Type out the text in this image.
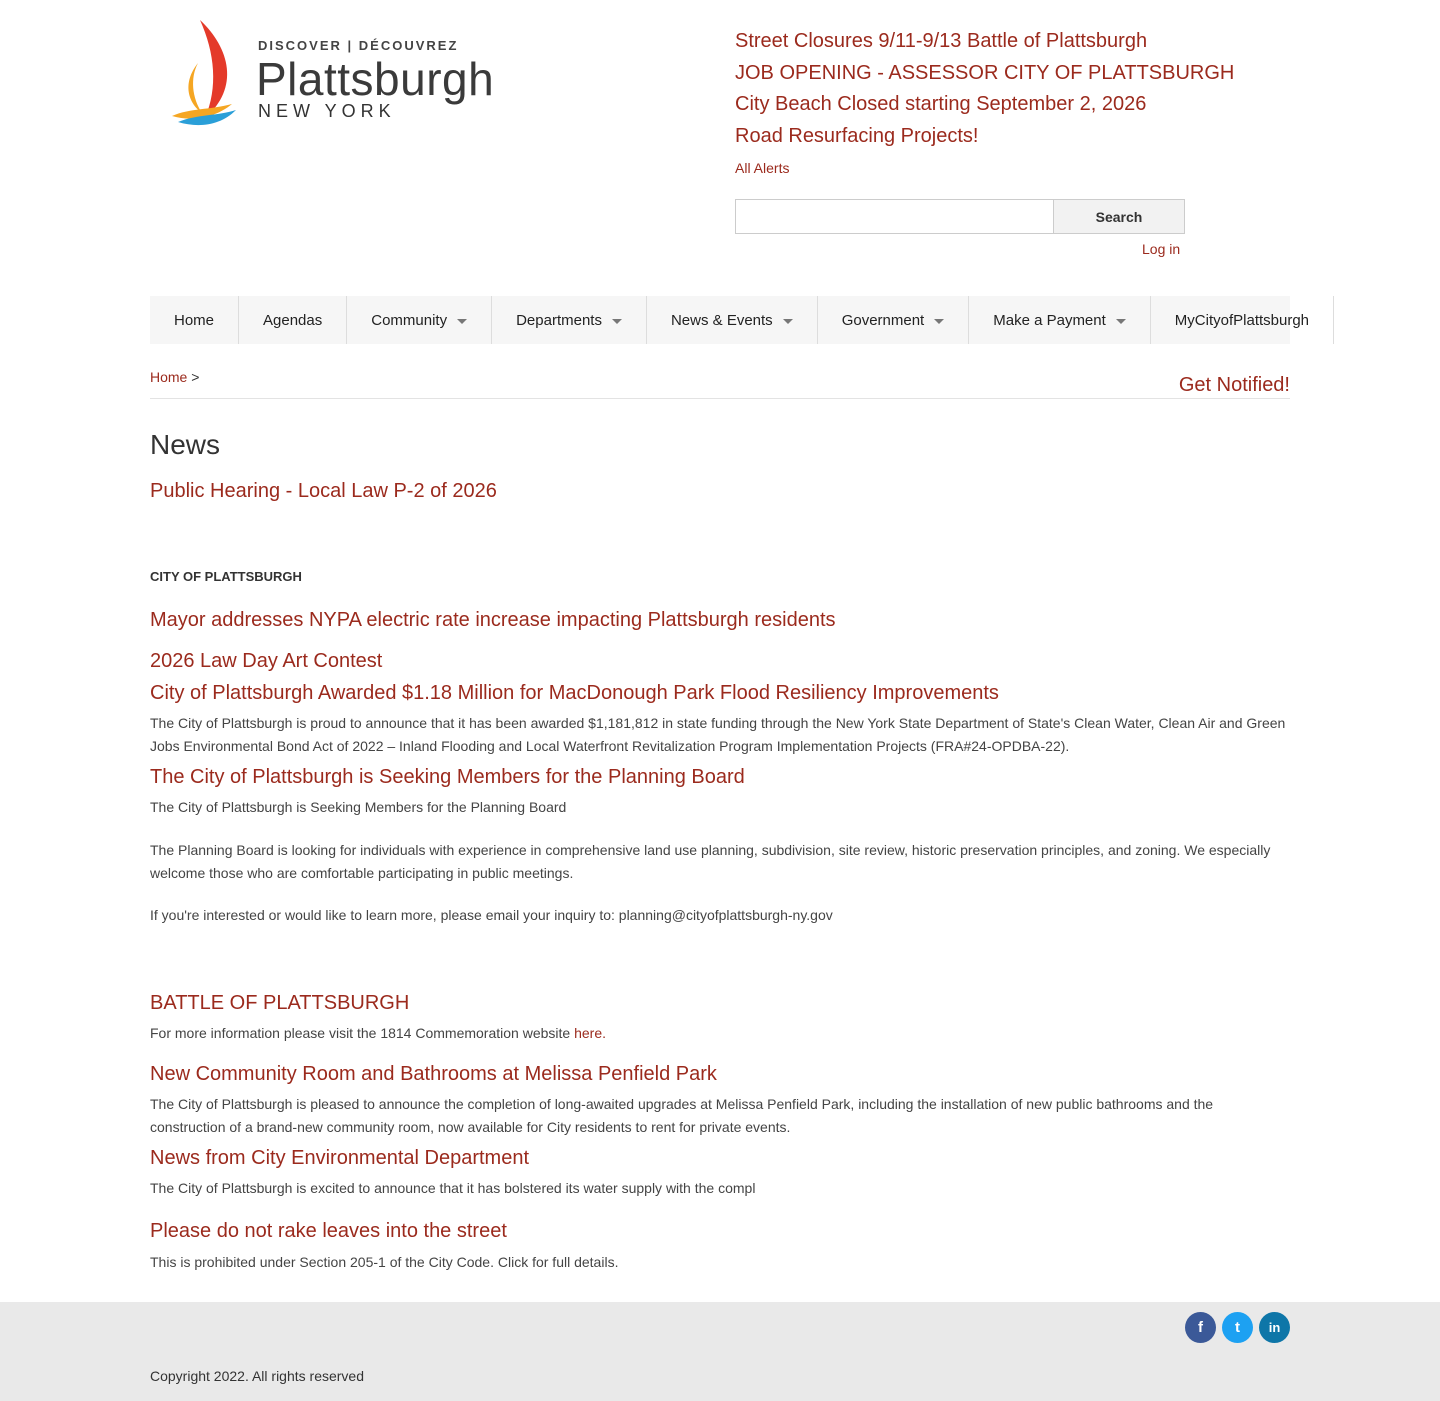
DISCOVER | DÉCOUVREZ
Plattsburgh
NEW YORK
Street Closures 9/11-9/13 Battle of Plattsburgh
JOB OPENING - ASSESSOR CITY OF PLATTSBURGH
City Beach Closed starting September 2, 2026
Road Resurfacing Projects!
All Alerts
Search
Log in
Home	Agendas	Community	Departments	News & Events	Government	Make a Payment	MyCityofPlattsburgh
Home >	Get Notified!
News
Public Hearing - Local Law P-2 of 2026
CITY OF PLATTSBURGH
Mayor addresses NYPA electric rate increase impacting Plattsburgh residents
2026 Law Day Art Contest
City of Plattsburgh Awarded $1.18 Million for MacDonough Park Flood Resiliency Improvements

The City of Plattsburgh is proud to announce that it has been awarded $1,181,812 in state funding through the New York State Department of State's Clean Water, Clean Air and Green Jobs Environmental Bond Act of 2022 – Inland Flooding and Local Waterfront Revitalization Program Implementation Projects (FRA#24-OPDBA-22).

The City of Plattsburgh is Seeking Members for the Planning Board

The City of Plattsburgh is Seeking Members for the Planning Board

The Planning Board is looking for individuals with experience in comprehensive land use planning, subdivision, site review, historic preservation principles, and zoning. We especially welcome those who are comfortable participating in public meetings.

If you're interested or would like to learn more, please email your inquiry to: planning@cityofplattsburgh-ny.gov

BATTLE OF PLATTSBURGH

For more information please visit the 1814 Commemoration website here.

New Community Room and Bathrooms at Melissa Penfield Park

The City of Plattsburgh is pleased to announce the completion of long-awaited upgrades at Melissa Penfield Park, including the installation of new public bathrooms and the construction of a brand-new community room, now available for City residents to rent for private events.

News from City Environmental Department

The City of Plattsburgh is excited to announce that it has bolstered its water supply with the compl

Please do not rake leaves into the street

This is prohibited under Section 205-1 of the City Code. Click for full details.

f	t	in
Copyright 2022. All rights reserved
